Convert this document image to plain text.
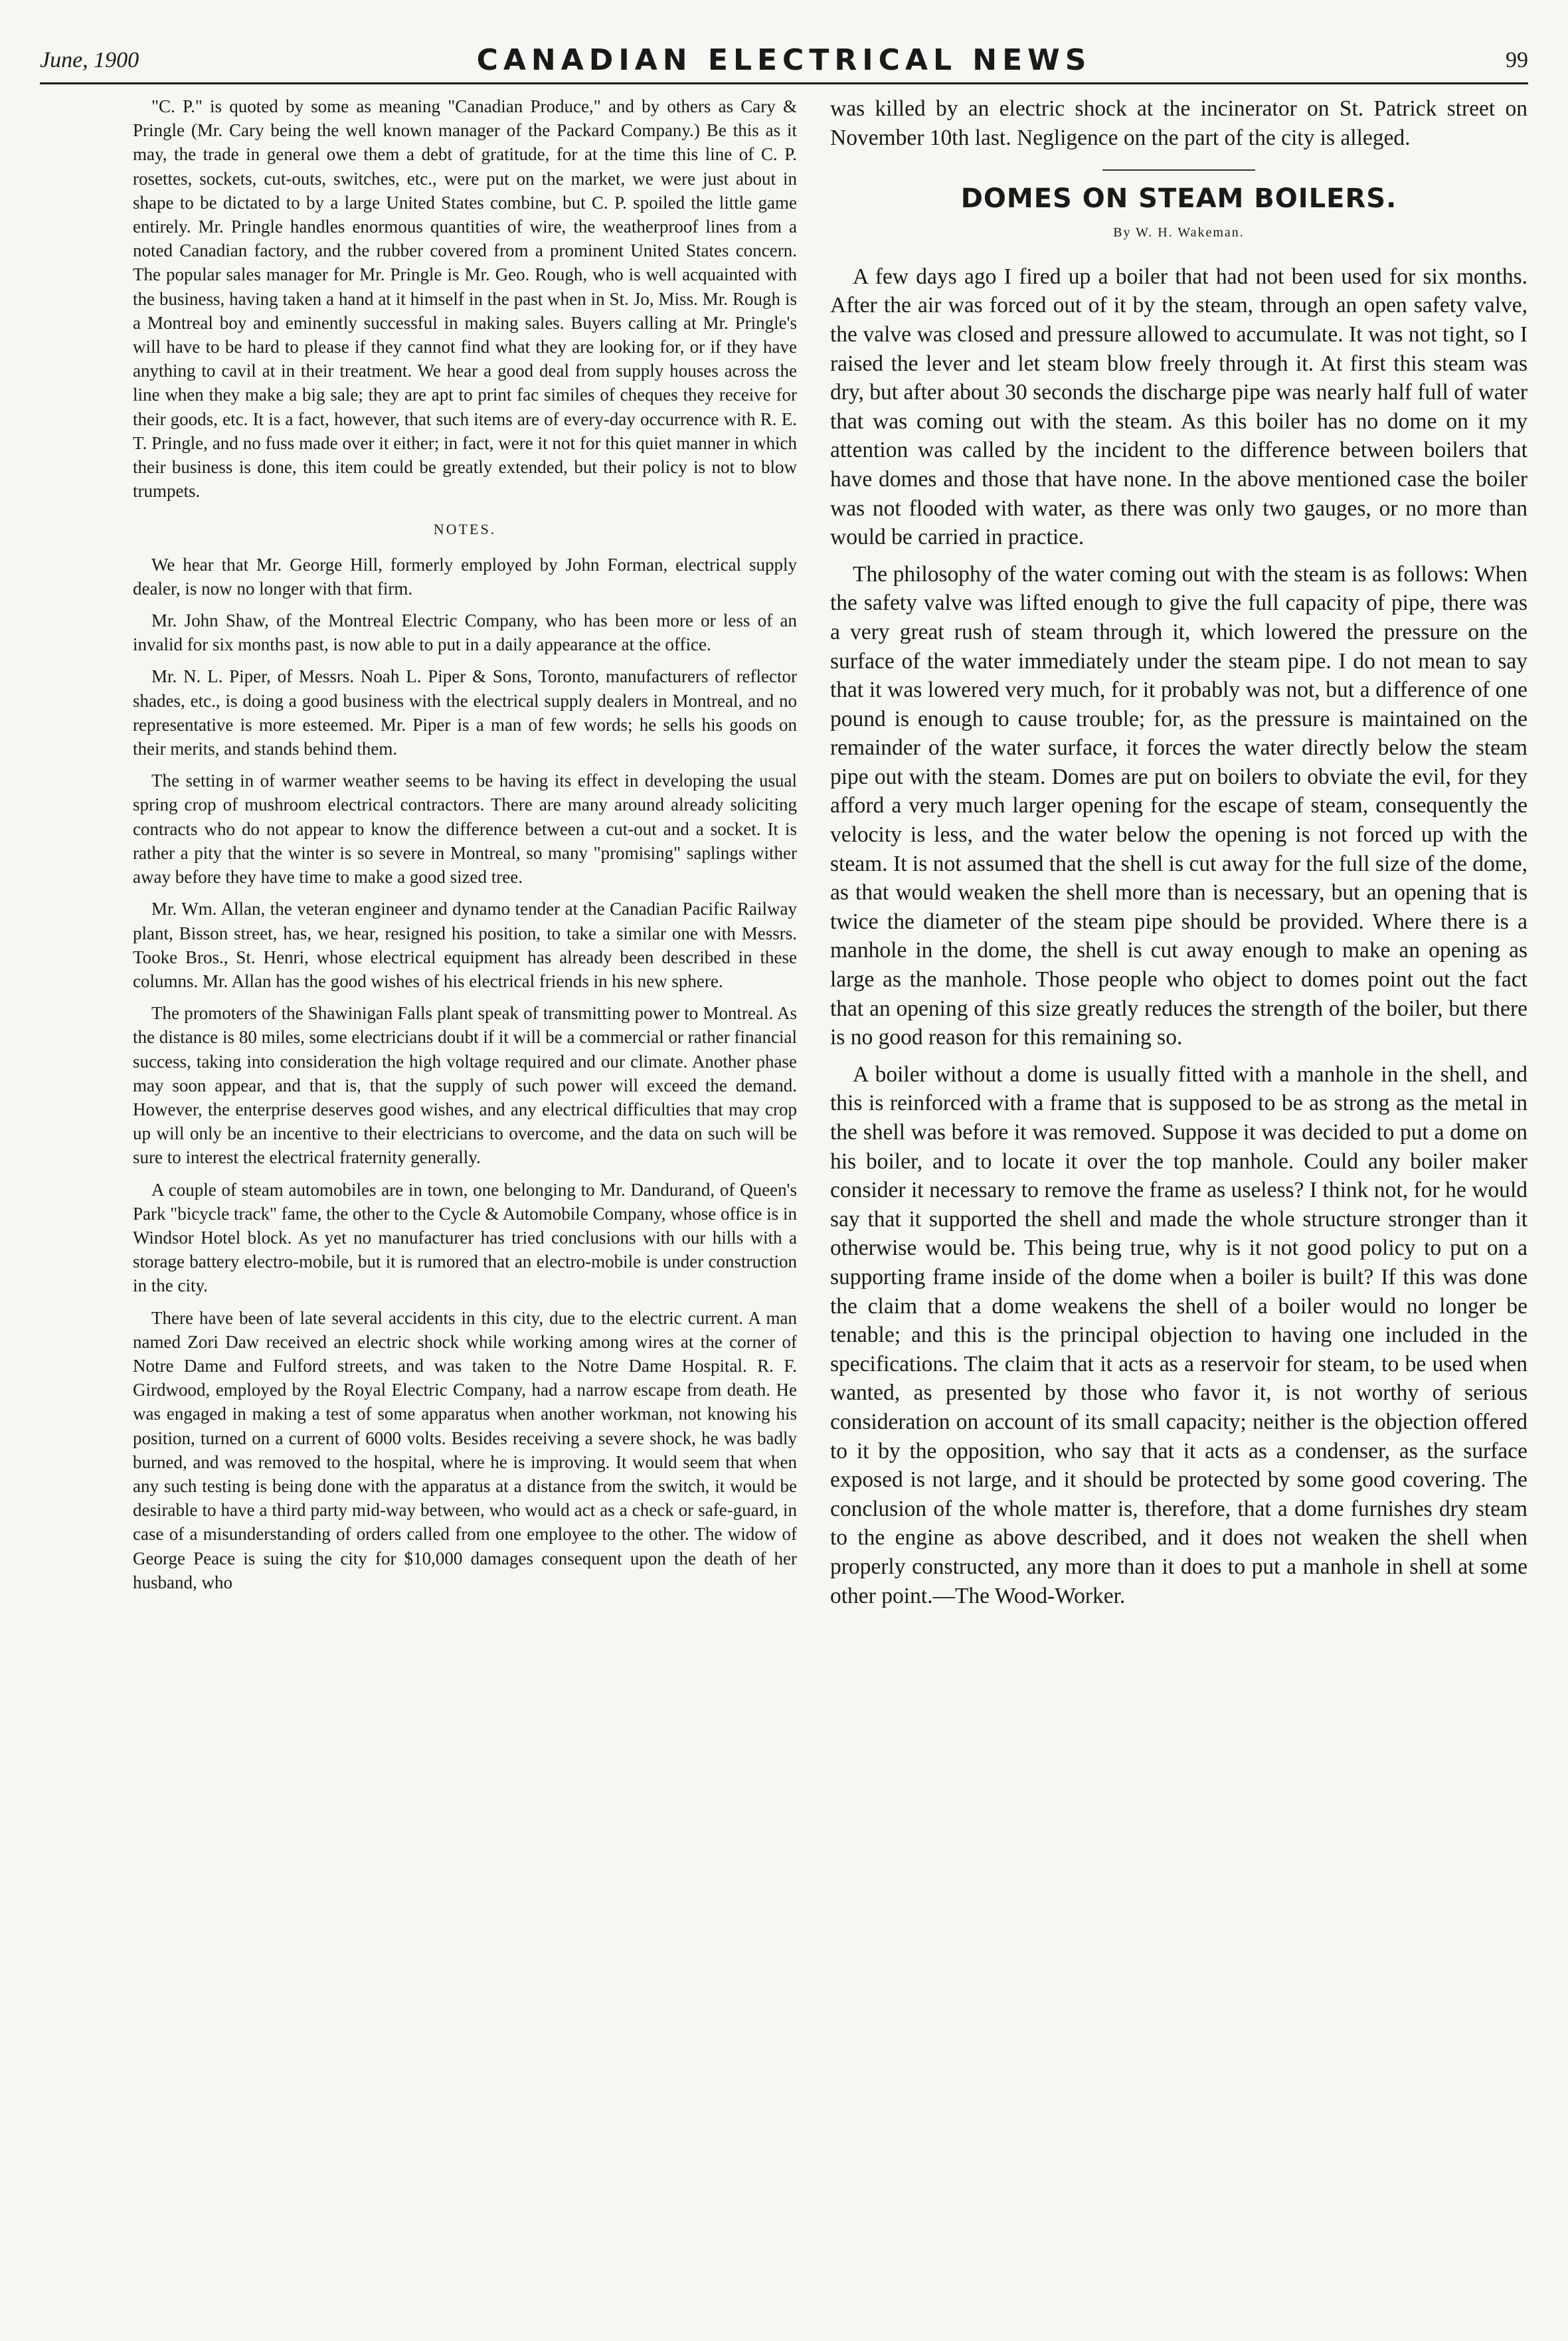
June, 1900	CANADIAN ELECTRICAL NEWS	99

"C. P." is quoted by some as meaning "Canadian Produce," and by others as Cary & Pringle (Mr. Cary being the well known manager of the Packard Company.) Be this as it may, the trade in general owe them a debt of gratitude, for at the time this line of C. P. rosettes, sockets, cut-outs, switches, etc., were put on the market, we were just about in shape to be dictated to by a large United States combine, but C. P. spoiled the little game entirely. Mr. Pringle handles enormous quantities of wire, the weatherproof lines from a noted Canadian factory, and the rubber covered from a prominent United States concern. The popular sales manager for Mr. Pringle is Mr. Geo. Rough, who is well acquainted with the business, having taken a hand at it himself in the past when in St. Jo, Miss. Mr. Rough is a Montreal boy and eminently successful in making sales. Buyers calling at Mr. Pringle's will have to be hard to please if they cannot find what they are looking for, or if they have anything to cavil at in their treatment. We hear a good deal from supply houses across the line when they make a big sale; they are apt to print fac similes of cheques they receive for their goods, etc. It is a fact, however, that such items are of every-day occurrence with R. E. T. Pringle, and no fuss made over it either; in fact, were it not for this quiet manner in which their business is done, this item could be greatly extended, but their policy is not to blow trumpets.

NOTES.

We hear that Mr. George Hill, formerly employed by John Forman, electrical supply dealer, is now no longer with that firm.

Mr. John Shaw, of the Montreal Electric Company, who has been more or less of an invalid for six months past, is now able to put in a daily appearance at the office.

Mr. N. L. Piper, of Messrs. Noah L. Piper & Sons, Toronto, manufacturers of reflector shades, etc., is doing a good business with the electrical supply dealers in Montreal, and no representative is more esteemed. Mr. Piper is a man of few words; he sells his goods on their merits, and stands behind them.

The setting in of warmer weather seems to be having its effect in developing the usual spring crop of mushroom electrical contractors. There are many around already soliciting contracts who do not appear to know the difference between a cut-out and a socket. It is rather a pity that the winter is so severe in Montreal, so many "promising" saplings wither away before they have time to make a good sized tree.

Mr. Wm. Allan, the veteran engineer and dynamo tender at the Canadian Pacific Railway plant, Bisson street, has, we hear, resigned his position, to take a similar one with Messrs. Tooke Bros., St. Henri, whose electrical equipment has already been described in these columns. Mr. Allan has the good wishes of his electrical friends in his new sphere.

The promoters of the Shawinigan Falls plant speak of transmitting power to Montreal. As the distance is 80 miles, some electricians doubt if it will be a commercial or rather financial success, taking into consideration the high voltage required and our climate. Another phase may soon appear, and that is, that the supply of such power will exceed the demand. However, the enterprise deserves good wishes, and any electrical difficulties that may crop up will only be an incentive to their electricians to overcome, and the data on such will be sure to interest the electrical fraternity generally.

A couple of steam automobiles are in town, one belonging to Mr. Dandurand, of Queen's Park "bicycle track" fame, the other to the Cycle & Automobile Company, whose office is in Windsor Hotel block. As yet no manufacturer has tried conclusions with our hills with a storage battery electro-mobile, but it is rumored that an electro-mobile is under construction in the city.

There have been of late several accidents in this city, due to the electric current. A man named Zori Daw received an electric shock while working among wires at the corner of Notre Dame and Fulford streets, and was taken to the Notre Dame Hospital. R. F. Girdwood, employed by the Royal Electric Company, had a narrow escape from death. He was engaged in making a test of some apparatus when another workman, not knowing his position, turned on a current of 6000 volts. Besides receiving a severe shock, he was badly burned, and was removed to the hospital, where he is improving. It would seem that when any such testing is being done with the apparatus at a distance from the switch, it would be desirable to have a third party mid-way between, who would act as a check or safe-guard, in case of a misunderstanding of orders called from one employee to the other. The widow of George Peace is suing the city for $10,000 damages consequent upon the death of her husband, who

was killed by an electric shock at the incinerator on St. Patrick street on November 10th last. Negligence on the part of the city is alleged.

DOMES ON STEAM BOILERS.
By W. H. Wakeman.

A few days ago I fired up a boiler that had not been used for six months. After the air was forced out of it by the steam, through an open safety valve, the valve was closed and pressure allowed to accumulate. It was not tight, so I raised the lever and let steam blow freely through it. At first this steam was dry, but after about 30 seconds the discharge pipe was nearly half full of water that was coming out with the steam. As this boiler has no dome on it my attention was called by the incident to the difference between boilers that have domes and those that have none. In the above mentioned case the boiler was not flooded with water, as there was only two gauges, or no more than would be carried in practice.

The philosophy of the water coming out with the steam is as follows: When the safety valve was lifted enough to give the full capacity of pipe, there was a very great rush of steam through it, which lowered the pressure on the surface of the water immediately under the steam pipe. I do not mean to say that it was lowered very much, for it probably was not, but a difference of one pound is enough to cause trouble; for, as the pressure is maintained on the remainder of the water surface, it forces the water directly below the steam pipe out with the steam. Domes are put on boilers to obviate the evil, for they afford a very much larger opening for the escape of steam, consequently the velocity is less, and the water below the opening is not forced up with the steam. It is not assumed that the shell is cut away for the full size of the dome, as that would weaken the shell more than is necessary, but an opening that is twice the diameter of the steam pipe should be provided. Where there is a manhole in the dome, the shell is cut away enough to make an opening as large as the manhole. Those people who object to domes point out the fact that an opening of this size greatly reduces the strength of the boiler, but there is no good reason for this remaining so.

A boiler without a dome is usually fitted with a manhole in the shell, and this is reinforced with a frame that is supposed to be as strong as the metal in the shell was before it was removed. Suppose it was decided to put a dome on his boiler, and to locate it over the top manhole. Could any boiler maker consider it necessary to remove the frame as useless? I think not, for he would say that it supported the shell and made the whole structure stronger than it otherwise would be. This being true, why is it not good policy to put on a supporting frame inside of the dome when a boiler is built? If this was done the claim that a dome weakens the shell of a boiler would no longer be tenable; and this is the principal objection to having one included in the specifications. The claim that it acts as a reservoir for steam, to be used when wanted, as presented by those who favor it, is not worthy of serious consideration on account of its small capacity; neither is the objection offered to it by the opposition, who say that it acts as a condenser, as the surface exposed is not large, and it should be protected by some good covering. The conclusion of the whole matter is, therefore, that a dome furnishes dry steam to the engine as above described, and it does not weaken the shell when properly constructed, any more than it does to put a manhole in shell at some other point.—The Wood-Worker.
